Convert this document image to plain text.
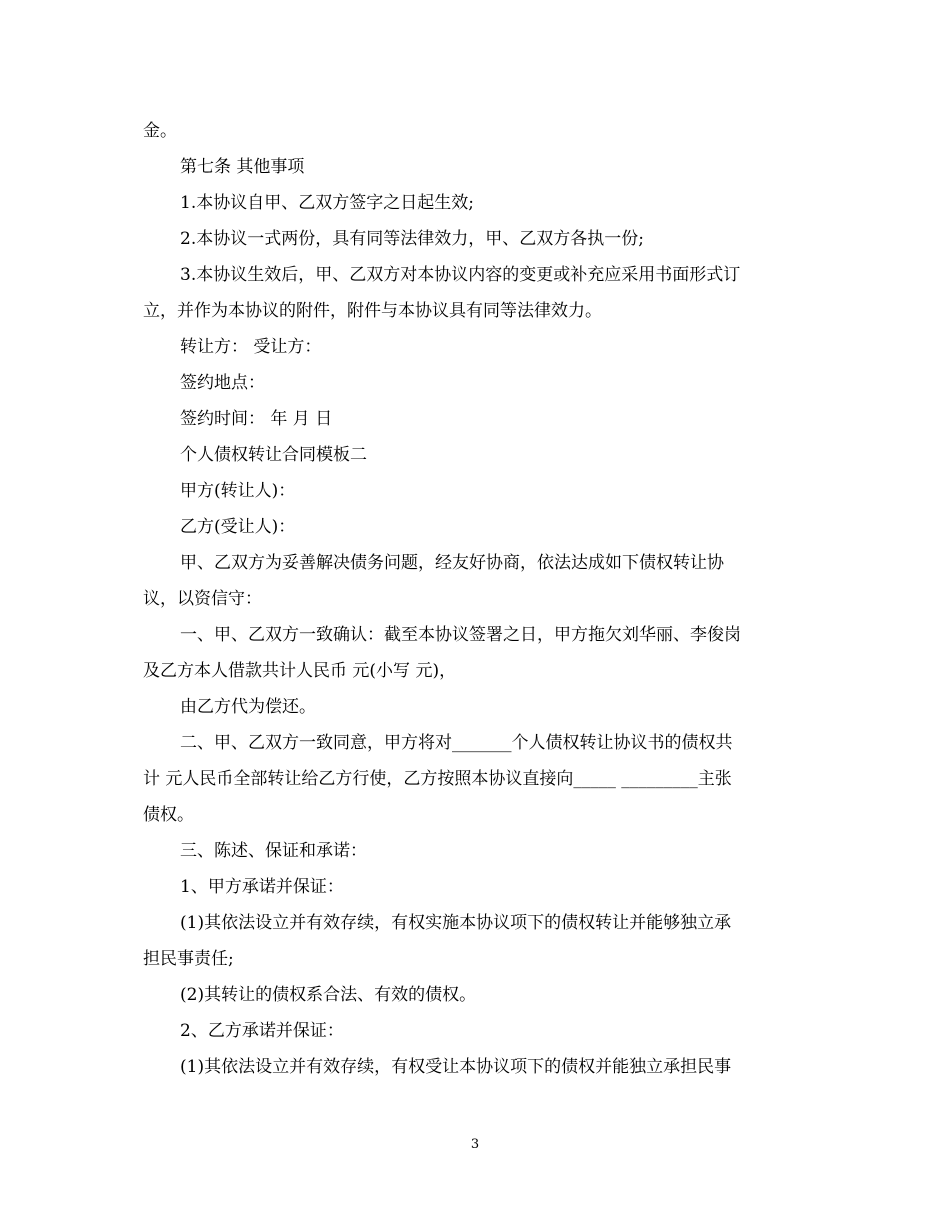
金。
第七条 其他事项
1.本协议自甲、乙双方签字之日起生效;
2.本协议一式两份，具有同等法律效力，甲、乙双方各执一份;
3.本协议生效后，甲、乙双方对本协议内容的变更或补充应采用书面形式订
立，并作为本协议的附件，附件与本协议具有同等法律效力。
转让方： 受让方：
签约地点：
签约时间： 年 月 日
个人债权转让合同模板二
甲方(转让人)：
乙方(受让人)：
甲、乙双方为妥善解决债务问题，经友好协商，依法达成如下债权转让协
议，以资信守：
一、甲、乙双方一致确认：截至本协议签署之日，甲方拖欠刘华丽、李俊岗
及乙方本人借款共计人民币 元(小写 元)，
由乙方代为偿还。
二、甲、乙双方一致同意，甲方将对_______个人债权转让协议书的债权共
计 元人民币全部转让给乙方行使，乙方按照本协议直接向_____ _________主张
债权。
三、陈述、保证和承诺：
1、甲方承诺并保证：
(1)其依法设立并有效存续，有权实施本协议项下的债权转让并能够独立承
担民事责任;
(2)其转让的债权系合法、有效的债权。
2、乙方承诺并保证：
(1)其依法设立并有效存续，有权受让本协议项下的债权并能独立承担民事
3
